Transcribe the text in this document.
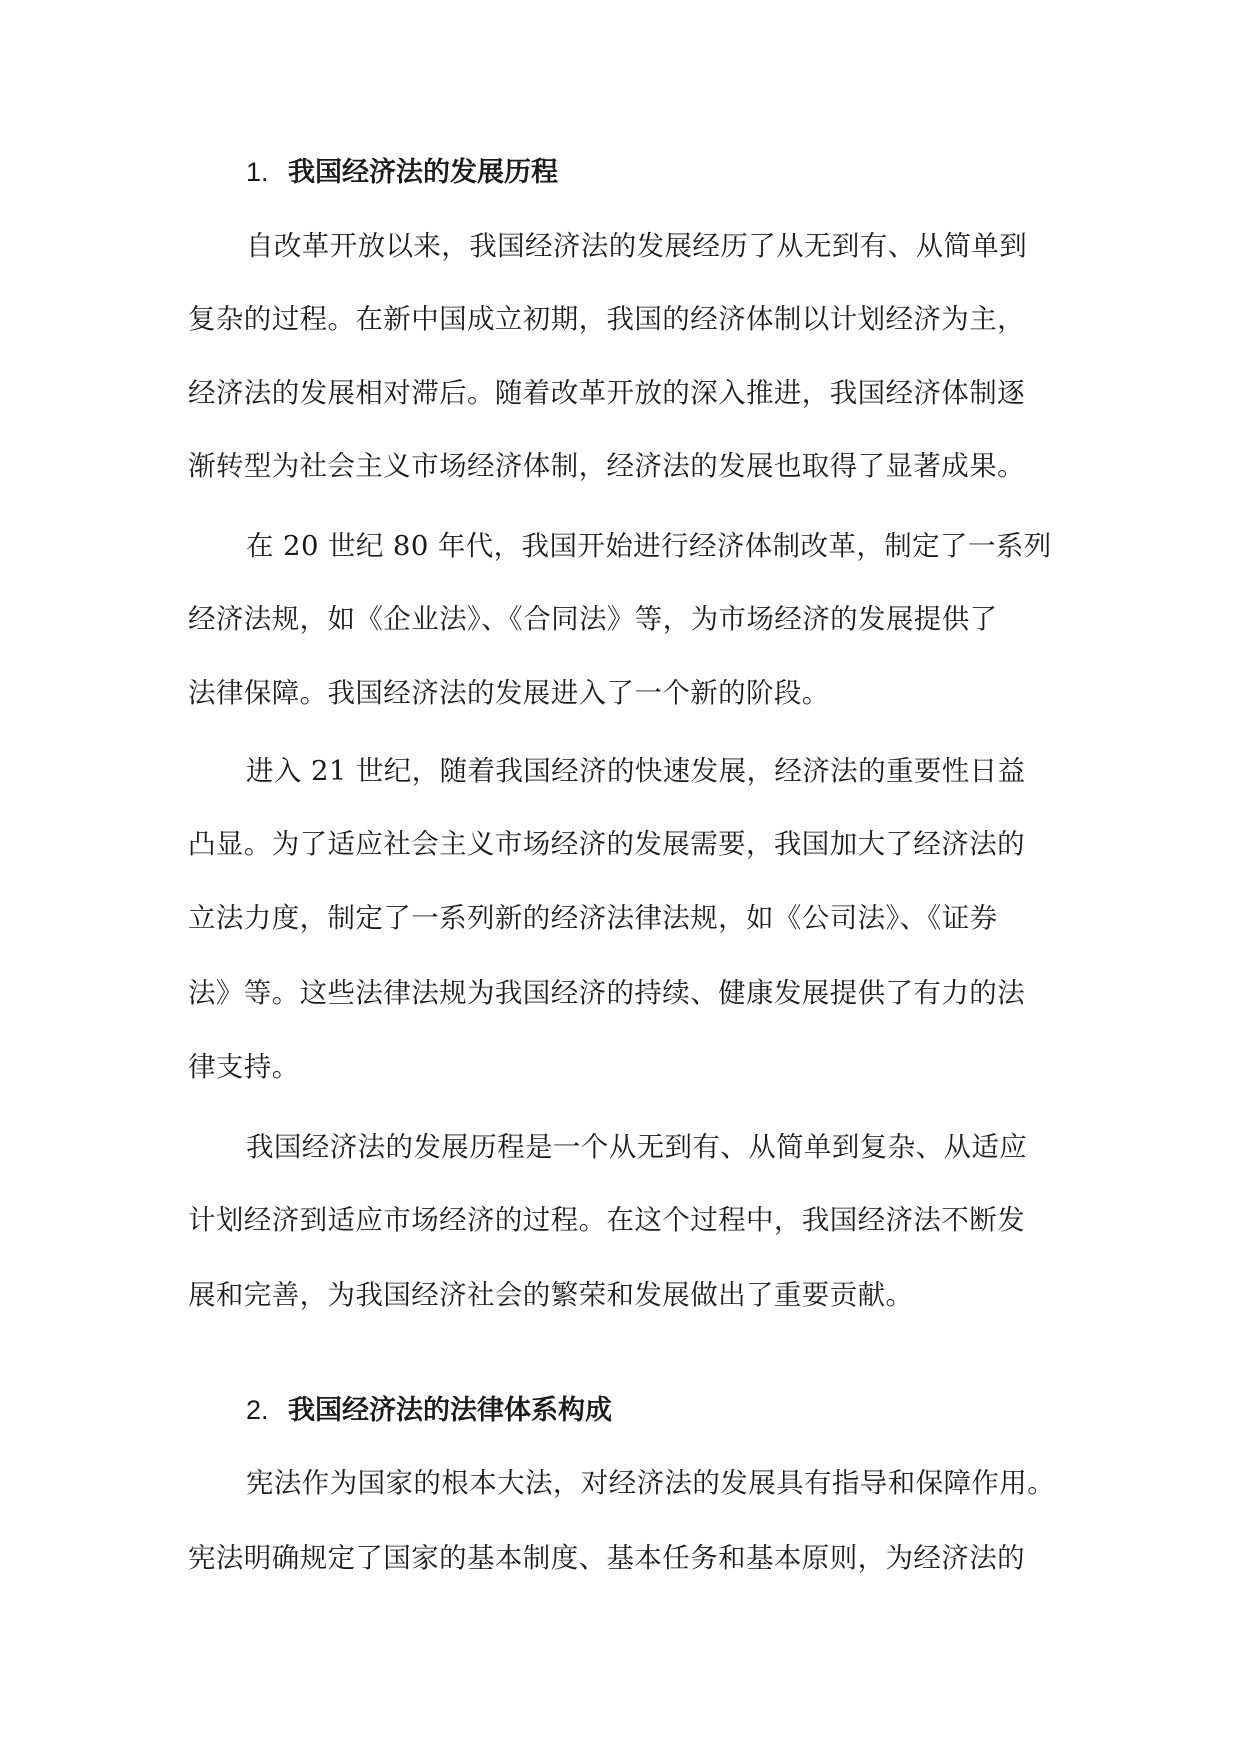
1. 我国经济法的发展历程
自改革开放以来，我国经济法的发展经历了从无到有、从简单到
复杂的过程。在新中国成立初期，我国的经济体制以计划经济为主，
经济法的发展相对滞后。随着改革开放的深入推进，我国经济体制逐
渐转型为社会主义市场经济体制，经济法的发展也取得了显著成果。
在 20 世纪 80 年代，我国开始进行经济体制改革，制定了一系列
经济法规，如《企业法》、《合同法》等，为市场经济的发展提供了
法律保障。我国经济法的发展进入了一个新的阶段。
进入 21 世纪，随着我国经济的快速发展，经济法的重要性日益
凸显。为了适应社会主义市场经济的发展需要，我国加大了经济法的
立法力度，制定了一系列新的经济法律法规，如《公司法》、《证券
法》等。这些法律法规为我国经济的持续、健康发展提供了有力的法
律支持。
我国经济法的发展历程是一个从无到有、从简单到复杂、从适应
计划经济到适应市场经济的过程。在这个过程中，我国经济法不断发
展和完善，为我国经济社会的繁荣和发展做出了重要贡献。
2. 我国经济法的法律体系构成
宪法作为国家的根本大法，对经济法的发展具有指导和保障作用。
宪法明确规定了国家的基本制度、基本任务和基本原则，为经济法的
